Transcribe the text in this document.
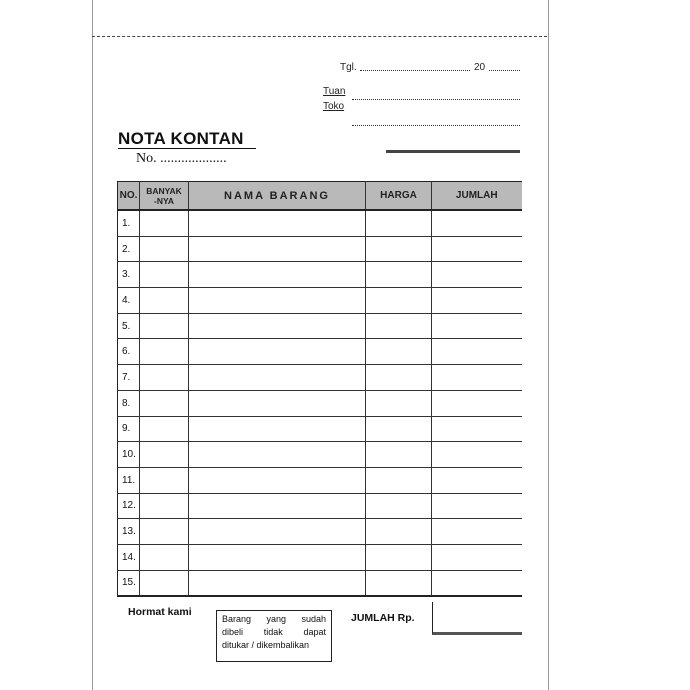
Tgl.	20
Tuan
Toko
NOTA KONTAN
No. ...................
NO.	BANYAK -NYA	NAMA BARANG	HARGA	JUMLAH
1.				
2.				
3.				
4.				
5.				
6.				
7.				
8.				
9.				
10.				
11.				
12.				
13.				
14.				
15.				
Hormat kami
Barang yang sudah
dibeli tidak dapat
ditukar / dikembalikan
JUMLAH Rp.
